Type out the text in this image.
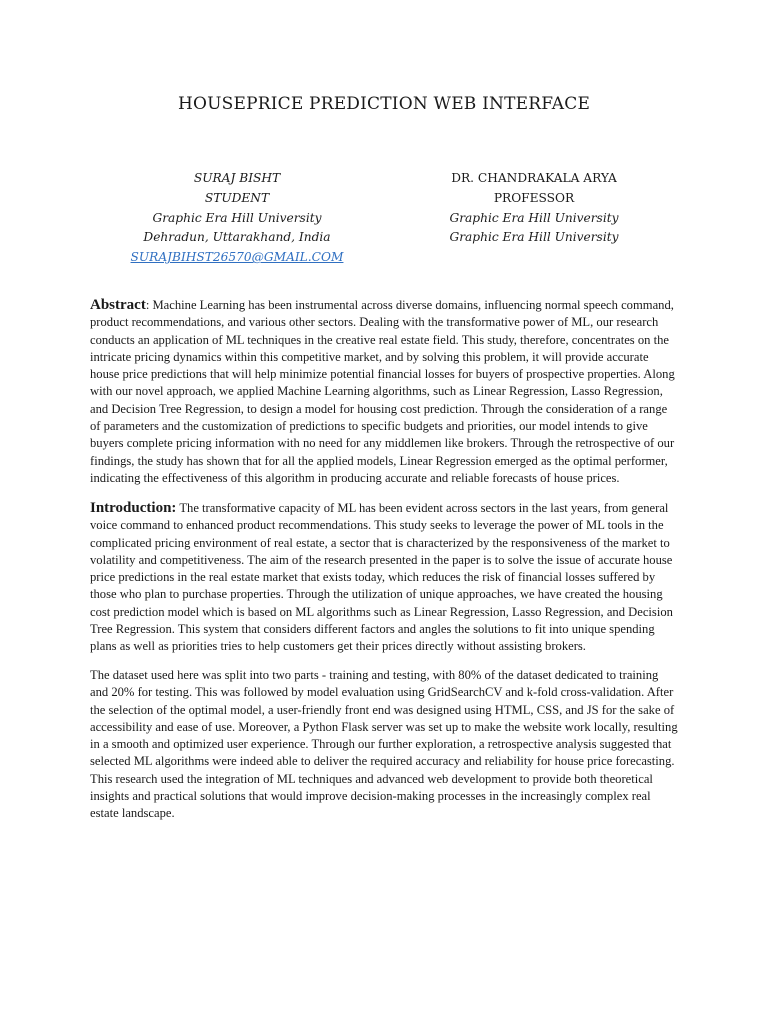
HOUSEPRICE PREDICTION WEB INTERFACE
SURAJ BISHT
STUDENT
Graphic Era Hill University
Dehradun, Uttarakhand, India
SURAJBIHST26570@GMAIL.COM
DR. CHANDRAKALA ARYA
PROFESSOR
Graphic Era Hill University
Graphic Era Hill University

Abstract: Machine Learning has been instrumental across diverse domains, influencing normal speech command, product recommendations, and various other sectors. Dealing with the transformative power of ML, our research conducts an application of ML techniques in the creative real estate field. This study, therefore, concentrates on the intricate pricing dynamics within this competitive market, and by solving this problem, it will provide accurate house price predictions that will help minimize potential financial losses for buyers of prospective properties. Along with our novel approach, we applied Machine Learning algorithms, such as Linear Regression, Lasso Regression, and Decision Tree Regression, to design a model for housing cost prediction. Through the consideration of a range of parameters and the customization of predictions to specific budgets and priorities, our model intends to give buyers complete pricing information with no need for any middlemen like brokers. Through the retrospective of our findings, the study has shown that for all the applied models, Linear Regression emerged as the optimal performer, indicating the effectiveness of this algorithm in producing accurate and reliable forecasts of house prices.

Introduction: The transformative capacity of ML has been evident across sectors in the last years, from general voice command to enhanced product recommendations. This study seeks to leverage the power of ML tools in the complicated pricing environment of real estate, a sector that is characterized by the responsiveness of the market to volatility and competitiveness. The aim of the research presented in the paper is to solve the issue of accurate house price predictions in the real estate market that exists today, which reduces the risk of financial losses suffered by those who plan to purchase properties. Through the utilization of unique approaches, we have created the housing cost prediction model which is based on ML algorithms such as Linear Regression, Lasso Regression, and Decision Tree Regression. This system that considers different factors and angles the solutions to fit into unique spending plans as well as priorities tries to help customers get their prices directly without assisting brokers.

The dataset used here was split into two parts - training and testing, with 80% of the dataset dedicated to training and 20% for testing. This was followed by model evaluation using GridSearchCV and k-fold cross-validation. After the selection of the optimal model, a user-friendly front end was designed using HTML, CSS, and JS for the sake of accessibility and ease of use. Moreover, a Python Flask server was set up to make the website work locally, resulting in a smooth and optimized user experience. Through our further exploration, a retrospective analysis suggested that selected ML algorithms were indeed able to deliver the required accuracy and reliability for house price forecasting. This research used the integration of ML techniques and advanced web development to provide both theoretical insights and practical solutions that would improve decision-making processes in the increasingly complex real estate landscape.
